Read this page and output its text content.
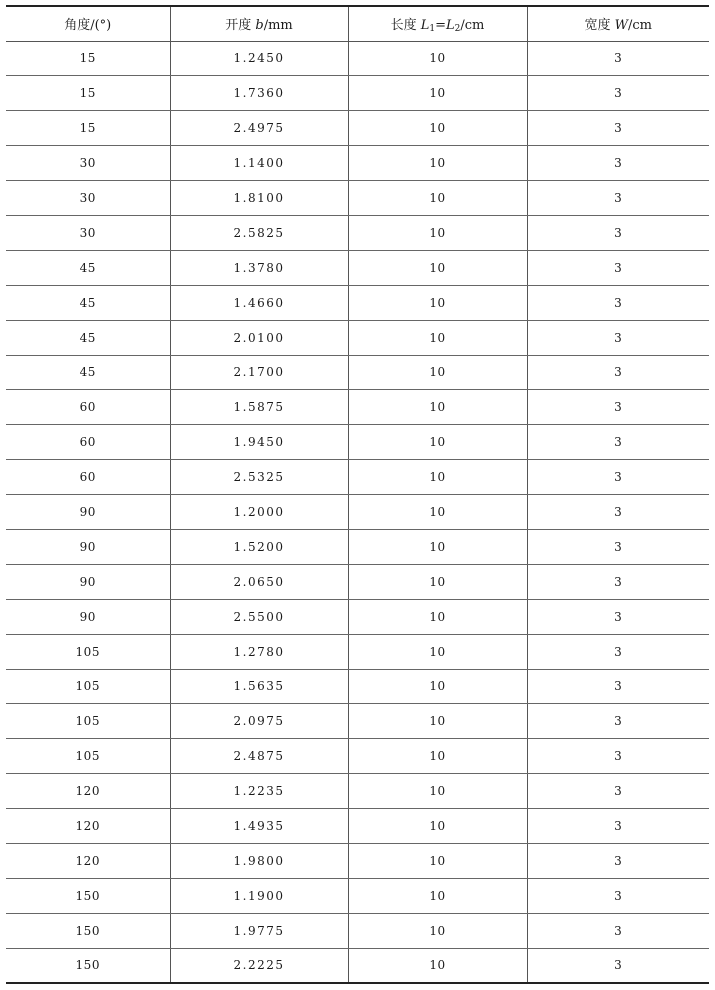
角度/(°)	开度 b/mm	长度 $L_1=L_2/cm$	宽度 W/cm
15	1.2450	10	3
15	1.7360	10	3
15	2.4975	10	3
30	1.1400	10	3
30	1.8100	10	3
30	2.5825	10	3
45	1.3780	10	3
45	1.4660	10	3
45	2.0100	10	3
45	2.1700	10	3
60	1.5875	10	3
60	1.9450	10	3
60	2.5325	10	3
90	1.2000	10	3
90	1.5200	10	3
90	2.0650	10	3
90	2.5500	10	3
105	1.2780	10	3
105	1.5635	10	3
105	2.0975	10	3
105	2.4875	10	3
120	1.2235	10	3
120	1.4935	10	3
120	1.9800	10	3
150	1.1900	10	3
150	1.9775	10	3
150	2.2225	10	3
